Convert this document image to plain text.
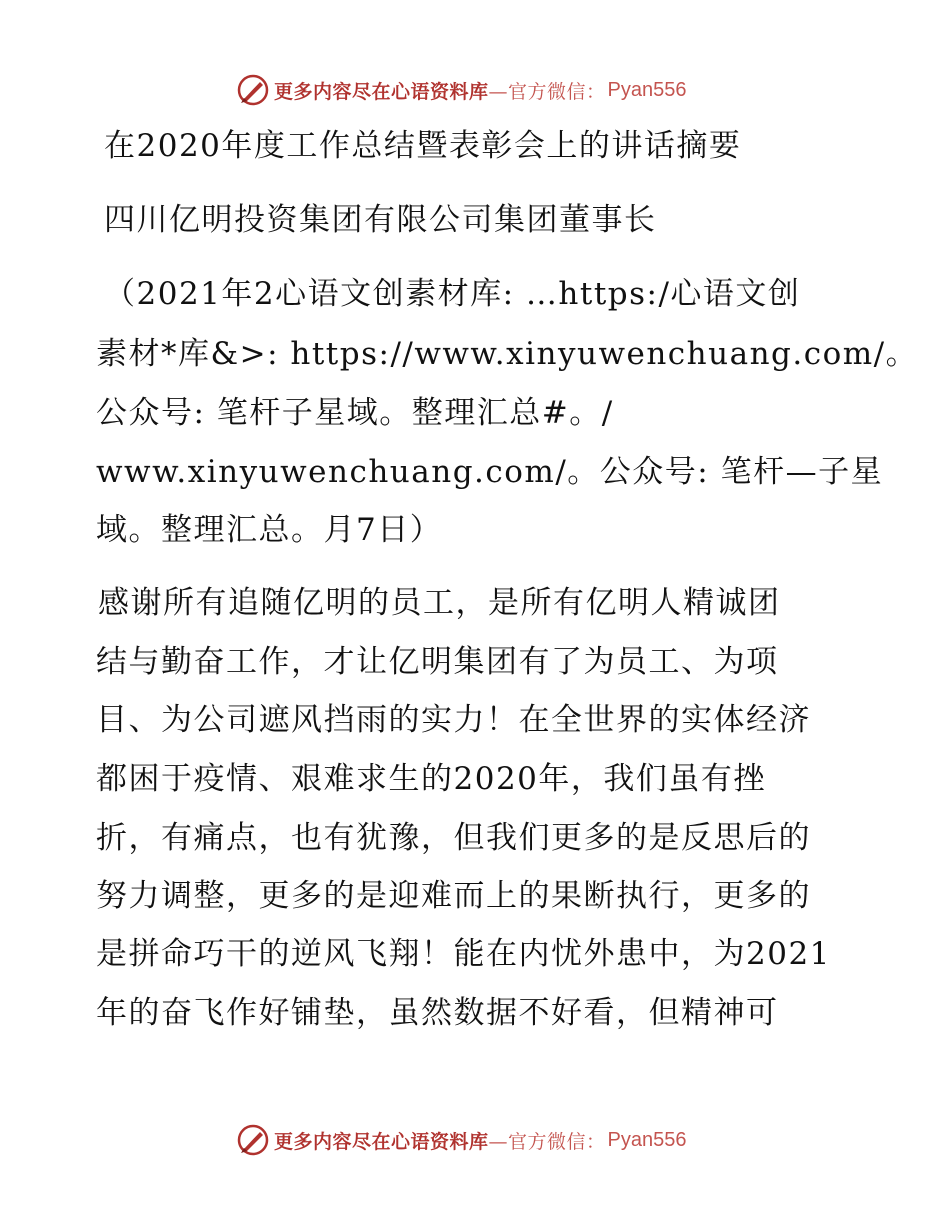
更多内容尽在心语资料库—官方微信： Pyan556
在2020年度工作总结暨表彰会上的讲话摘要
四川亿明投资集团有限公司集团董事长
（2021年2心语文创素材库: …https:/心语文创
素材*库&>: https://www.xinyuwenchuang.com/。
公众号: 笔杆子星域。整理汇总#。/
www.xinyuwenchuang.com/。公众号: 笔杆—子星
域。整理汇总。月7日）
感谢所有追随亿明的员工，是所有亿明人精诚团
结与勤奋工作，才让亿明集团有了为员工、为项
目、为公司遮风挡雨的实力！在全世界的实体经济
都困于疫情、艰难求生的2020年，我们虽有挫
折，有痛点，也有犹豫，但我们更多的是反思后的
努力调整，更多的是迎难而上的果断执行，更多的
是拼命巧干的逆风飞翔！能在内忧外患中，为2021
年的奋飞作好铺垫，虽然数据不好看，但精神可
更多内容尽在心语资料库—官方微信： Pyan556
